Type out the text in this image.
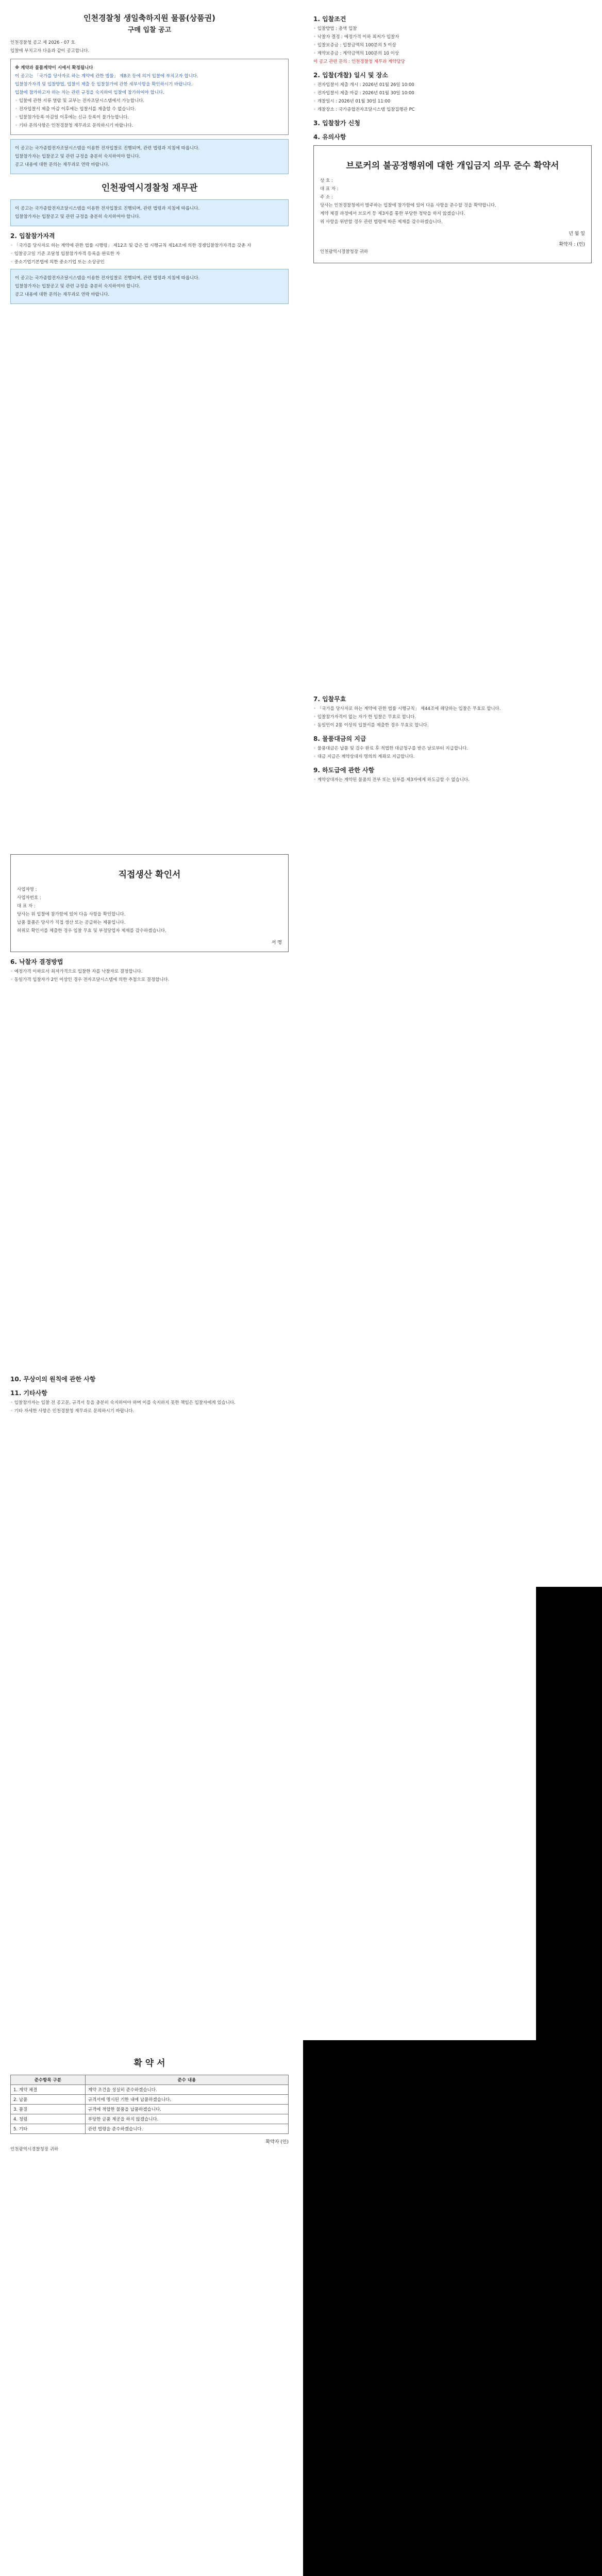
인천경찰청 생일축하지원 물품(상품권)
구매 입찰 공고
인천경찰청 공고 제 2026 - 07 호
입찰에 부치고자 다음과 같이 공고합니다.
※ 계약과 물품계약이 시에서 확정됩니다
이 공고는 「국가를 당사자로 하는 계약에 관한 법률」 제8조 등에 의거 입찰에 부치고자 합니다.
입찰참가자격 및 입찰방법, 입찰서 제출 등 입찰참가에 관한 세부사항을 확인하시기 바랍니다.
입찰에 참가하고자 하는 자는 관련 규정을 숙지하여 입찰에 참가하여야 합니다.
◦ 입찰에 관한 서류 열람 및 교부는 전자조달시스템에서 가능합니다.
◦ 전자입찰서 제출 마감 이후에는 입찰서를 제출할 수 없습니다.
◦ 입찰참가등록 마감일 이후에는 신규 등록이 불가능합니다.
◦ 기타 문의사항은 인천경찰청 재무과로 문의하시기 바랍니다.
이 공고는 국가종합전자조달시스템을 이용한 전자입찰로 진행되며, 관련 법령과 지침에 따릅니다.
입찰참가자는 입찰공고 및 관련 규정을 충분히 숙지하여야 합니다.
공고 내용에 대한 문의는 재무과로 연락 바랍니다.
인천광역시경찰청 재무관
이 공고는 국가종합전자조달시스템을 이용한 전자입찰로 진행되며, 관련 법령과 지침에 따릅니다.
입찰참가자는 입찰공고 및 관련 규정을 충분히 숙지하여야 합니다.
2. 입찰참가자격
◦ 「국가를 당사자로 하는 계약에 관한 법률 시행령」 제12조 및 같은 법 시행규칙 제14조에 의한 경쟁입찰참가자격을 갖춘 자
◦ 입찰공고일 기준 조달청 입찰참가자격 등록을 완료한 자
◦ 중소기업기본법에 의한 중소기업 또는 소상공인
이 공고는 국가종합전자조달시스템을 이용한 전자입찰로 진행되며, 관련 법령과 지침에 따릅니다.
입찰참가자는 입찰공고 및 관련 규정을 충분히 숙지하여야 합니다.
공고 내용에 대한 문의는 재무과로 연락 바랍니다.
1. 입찰조건
◦ 입찰방법 : 총액 입찰
◦ 낙찰자 결정 : 예정가격 이하 최저가 입찰자
◦ 입찰보증금 : 입찰금액의 100분의 5 이상
◦ 계약보증금 : 계약금액의 100분의 10 이상
이 공고 관련 문의 : 인천경찰청 재무과 계약담당
2. 입찰(개찰) 일시 및 장소
◦ 전자입찰서 제출 개시 : 2026년 01월 26일 10:00
◦ 전자입찰서 제출 마감 : 2026년 01월 30일 10:00
◦ 개찰일시 : 2026년 01월 30일 11:00
◦ 개찰장소 : 국가종합전자조달시스템 입찰집행관 PC
3. 입찰참가 신청
4. 유의사항
브로커의 불공정행위에 대한 개입금지 의무 준수 확약서
상 호 :
대 표 자 :
주 소 :
당사는 인천경찰청에서 발주하는 입찰에 참가함에 있어 다음 사항을 준수할 것을 확약합니다.
계약 체결 과정에서 브로커 등 제3자를 통한 부당한 청탁을 하지 않겠습니다.
위 사항을 위반할 경우 관련 법령에 따른 제재를 감수하겠습니다.
년 월 일
확약자 : (인)
인천광역시경찰청장 귀하
직접생산 확인서
사업자명 :
사업자번호 :
대 표 자 :
당사는 위 입찰에 참가함에 있어 다음 사항을 확인합니다.
납품 물품은 당사가 직접 생산 또는 공급하는 제품입니다.
허위로 확인서를 제출한 경우 입찰 무효 및 부정당업자 제재를 감수하겠습니다.
서 명
6. 낙찰자 결정방법
◦ 예정가격 이하로서 최저가격으로 입찰한 자를 낙찰자로 결정합니다.
◦ 동일가격 입찰자가 2인 이상인 경우 전자조달시스템에 의한 추첨으로 결정합니다.
7. 입찰무효
◦ 「국가를 당사자로 하는 계약에 관한 법률 시행규칙」 제44조에 해당하는 입찰은 무효로 합니다.
◦ 입찰참가자격이 없는 자가 한 입찰은 무효로 합니다.
◦ 동일인이 2통 이상의 입찰서를 제출한 경우 무효로 합니다.
8. 물품대금의 지급
◦ 물품대금은 납품 및 검수 완료 후 적법한 대금청구를 받은 날로부터 지급합니다.
◦ 대금 지급은 계약상대자 명의의 계좌로 지급합니다.
9. 하도급에 관한 사항
◦ 계약상대자는 계약된 물품의 전부 또는 일부를 제3자에게 하도급할 수 없습니다.
10. 무상이의 원칙에 관한 사항
11. 기타사항
◦ 입찰참가자는 입찰 전 공고문, 규격서 등을 충분히 숙지하여야 하며 이를 숙지하지 못한 책임은 입찰자에게 있습니다.
◦ 기타 자세한 사항은 인천경찰청 재무과로 문의하시기 바랍니다.
확 약 서
준수항목 구분	준수 내용
1. 계약 체결	계약 조건을 성실히 준수하겠습니다.
2. 납품	규격서에 명시된 기한 내에 납품하겠습니다.
3. 품질	규격에 적합한 물품을 납품하겠습니다.
4. 청렴	부당한 금품 제공을 하지 않겠습니다.
5. 기타	관련 법령을 준수하겠습니다.
확약자 (인)
인천광역시경찰청장 귀하
